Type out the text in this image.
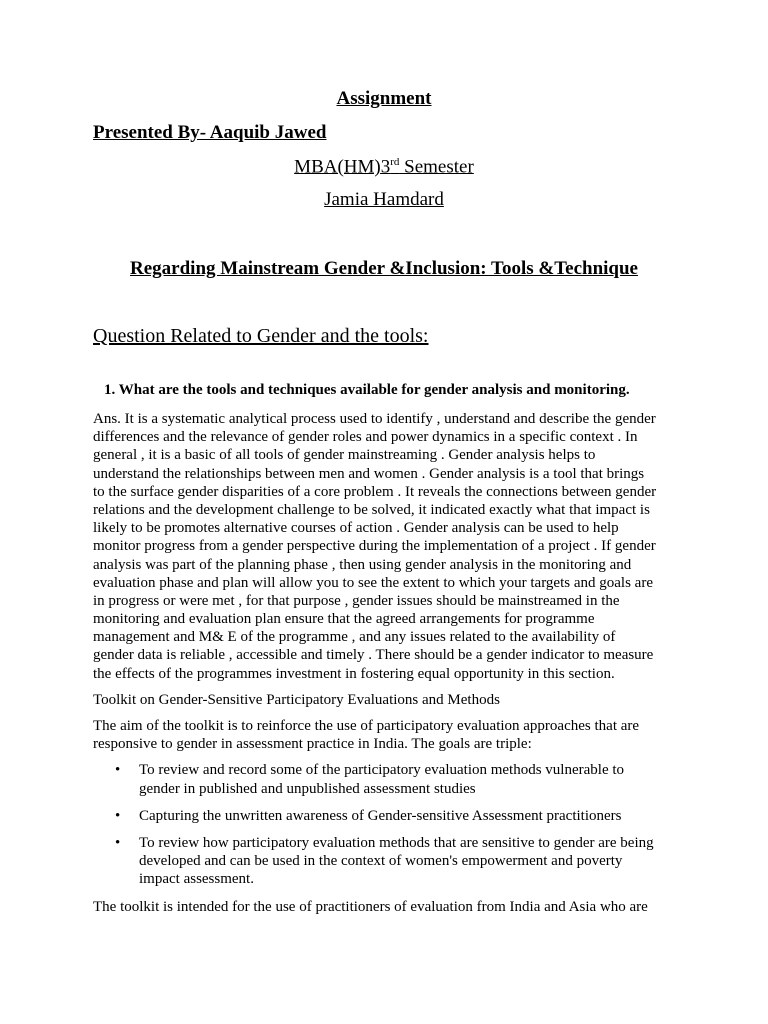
Assignment
Presented By- Aaquib Jawed
MBA(HM)3rd Semester
Jamia Hamdard
Regarding Mainstream Gender &Inclusion: Tools &Technique
Question Related to Gender and the tools:
1. What are the tools and techniques available for gender analysis and monitoring.
Ans. It is a systematic analytical process used to identify , understand and describe the gender
differences and the relevance of gender roles and power dynamics in a specific context . In
general , it is a basic of all tools of gender mainstreaming . Gender analysis helps to
understand the relationships between men and women . Gender analysis is a tool that brings
to the surface gender disparities of a core problem . It reveals the connections between gender
relations and the development challenge to be solved, it indicated exactly what that impact is
likely to be promotes alternative courses of action . Gender analysis can be used to help
monitor progress from a gender perspective during the implementation of a project . If gender
analysis was part of the planning phase , then using gender analysis in the monitoring and
evaluation phase and plan will allow you to see the extent to which your targets and goals are
in progress or were met , for that purpose , gender issues should be mainstreamed in the
monitoring and evaluation plan ensure that the agreed arrangements for programme
management and M& E of the programme , and any issues related to the availability of
gender data is reliable , accessible and timely . There should be a gender indicator to measure
the effects of the programmes investment in fostering equal opportunity in this section.
Toolkit on Gender-Sensitive Participatory Evaluations and Methods
The aim of the toolkit is to reinforce the use of participatory evaluation approaches that are
responsive to gender in assessment practice in India. The goals are triple:
• To review and record some of the participatory evaluation methods vulnerable to
gender in published and unpublished assessment studies
• Capturing the unwritten awareness of Gender-sensitive Assessment practitioners
• To review how participatory evaluation methods that are sensitive to gender are being
developed and can be used in the context of women's empowerment and poverty
impact assessment.
The toolkit is intended for the use of practitioners of evaluation from India and Asia who are
